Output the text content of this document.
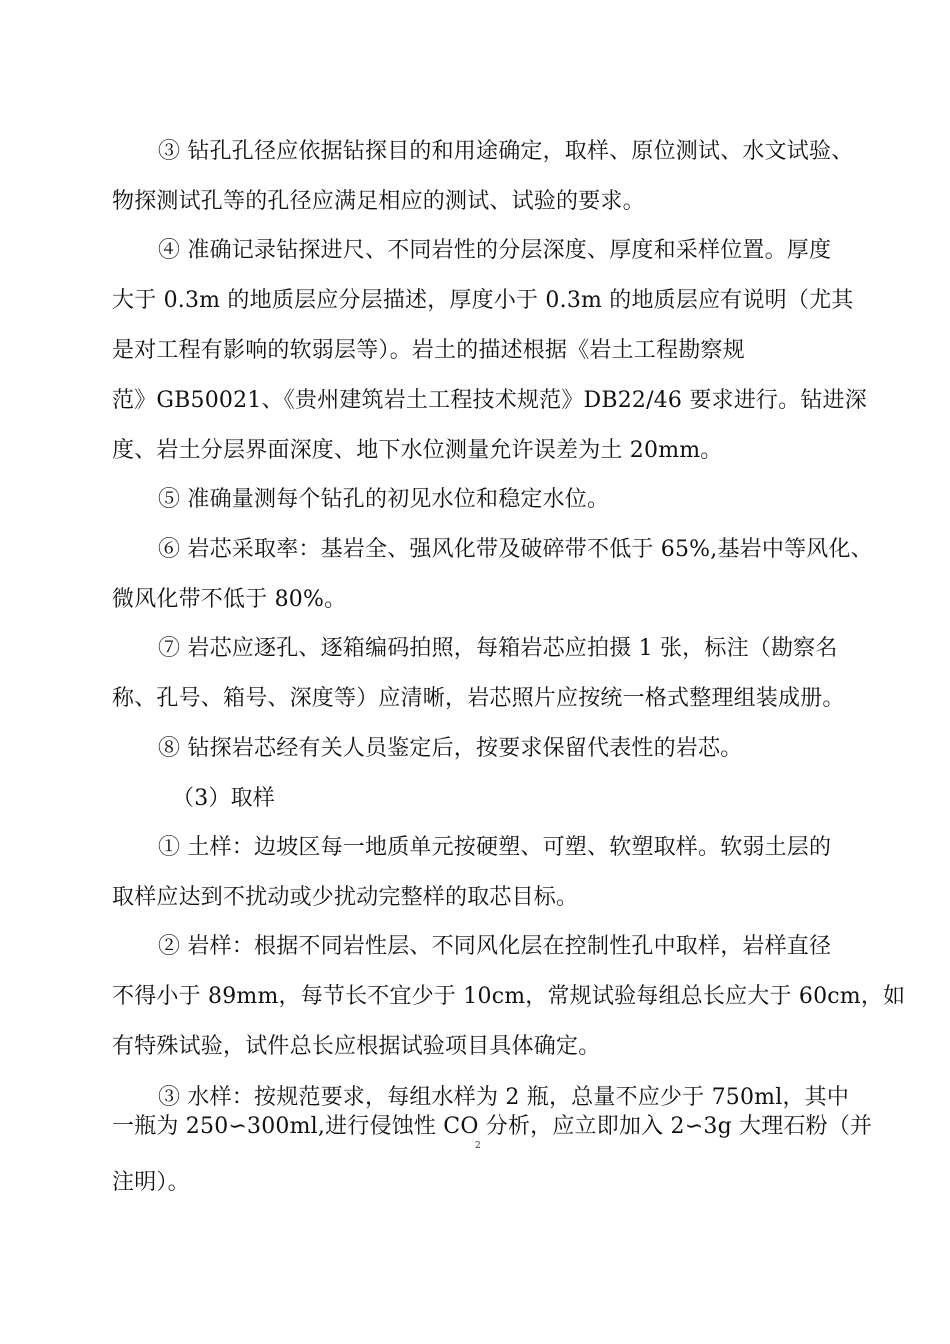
③ 钻孔孔径应依据钻探目的和用途确定，取样、原位测试、水文试验、
物探测试孔等的孔径应满足相应的测试、试验的要求。
④ 准确记录钻探进尺、不同岩性的分层深度、厚度和采样位置。厚度
大于 0.3m 的地质层应分层描述，厚度小于 0.3m 的地质层应有说明（尤其
是对工程有影响的软弱层等）。岩土的描述根据《岩土工程勘察规
范》GB50021、《贵州建筑岩土工程技术规范》DB22/46 要求进行。钻进深
度、岩土分层界面深度、地下水位测量允许误差为土 20mm。
⑤ 准确量测每个钻孔的初见水位和稳定水位。
⑥ 岩芯采取率：基岩全、强风化带及破碎带不低于 65%,基岩中等风化、
微风化带不低于 80%。
⑦ 岩芯应逐孔、逐箱编码拍照，每箱岩芯应拍摄 1 张，标注（勘察名
称、孔号、箱号、深度等）应清晰，岩芯照片应按统一格式整理组装成册。
⑧ 钻探岩芯经有关人员鉴定后，按要求保留代表性的岩芯。
（3）取样
① 土样：边坡区每一地质单元按硬塑、可塑、软塑取样。软弱土层的
取样应达到不扰动或少扰动完整样的取芯目标。
② 岩样：根据不同岩性层、不同风化层在控制性孔中取样，岩样直径
不得小于 89mm，每节长不宜少于 10cm，常规试验每组总长应大于 60cm，如
有特殊试验，试件总长应根据试验项目具体确定。
③ 水样：按规范要求，每组水样为 2 瓶，总量不应少于 750ml，其中
一瓶为 250∽300ml,进行侵蚀性 CO 分析，应立即加入 2∽3g 大理石粉（并
2
注明）。
